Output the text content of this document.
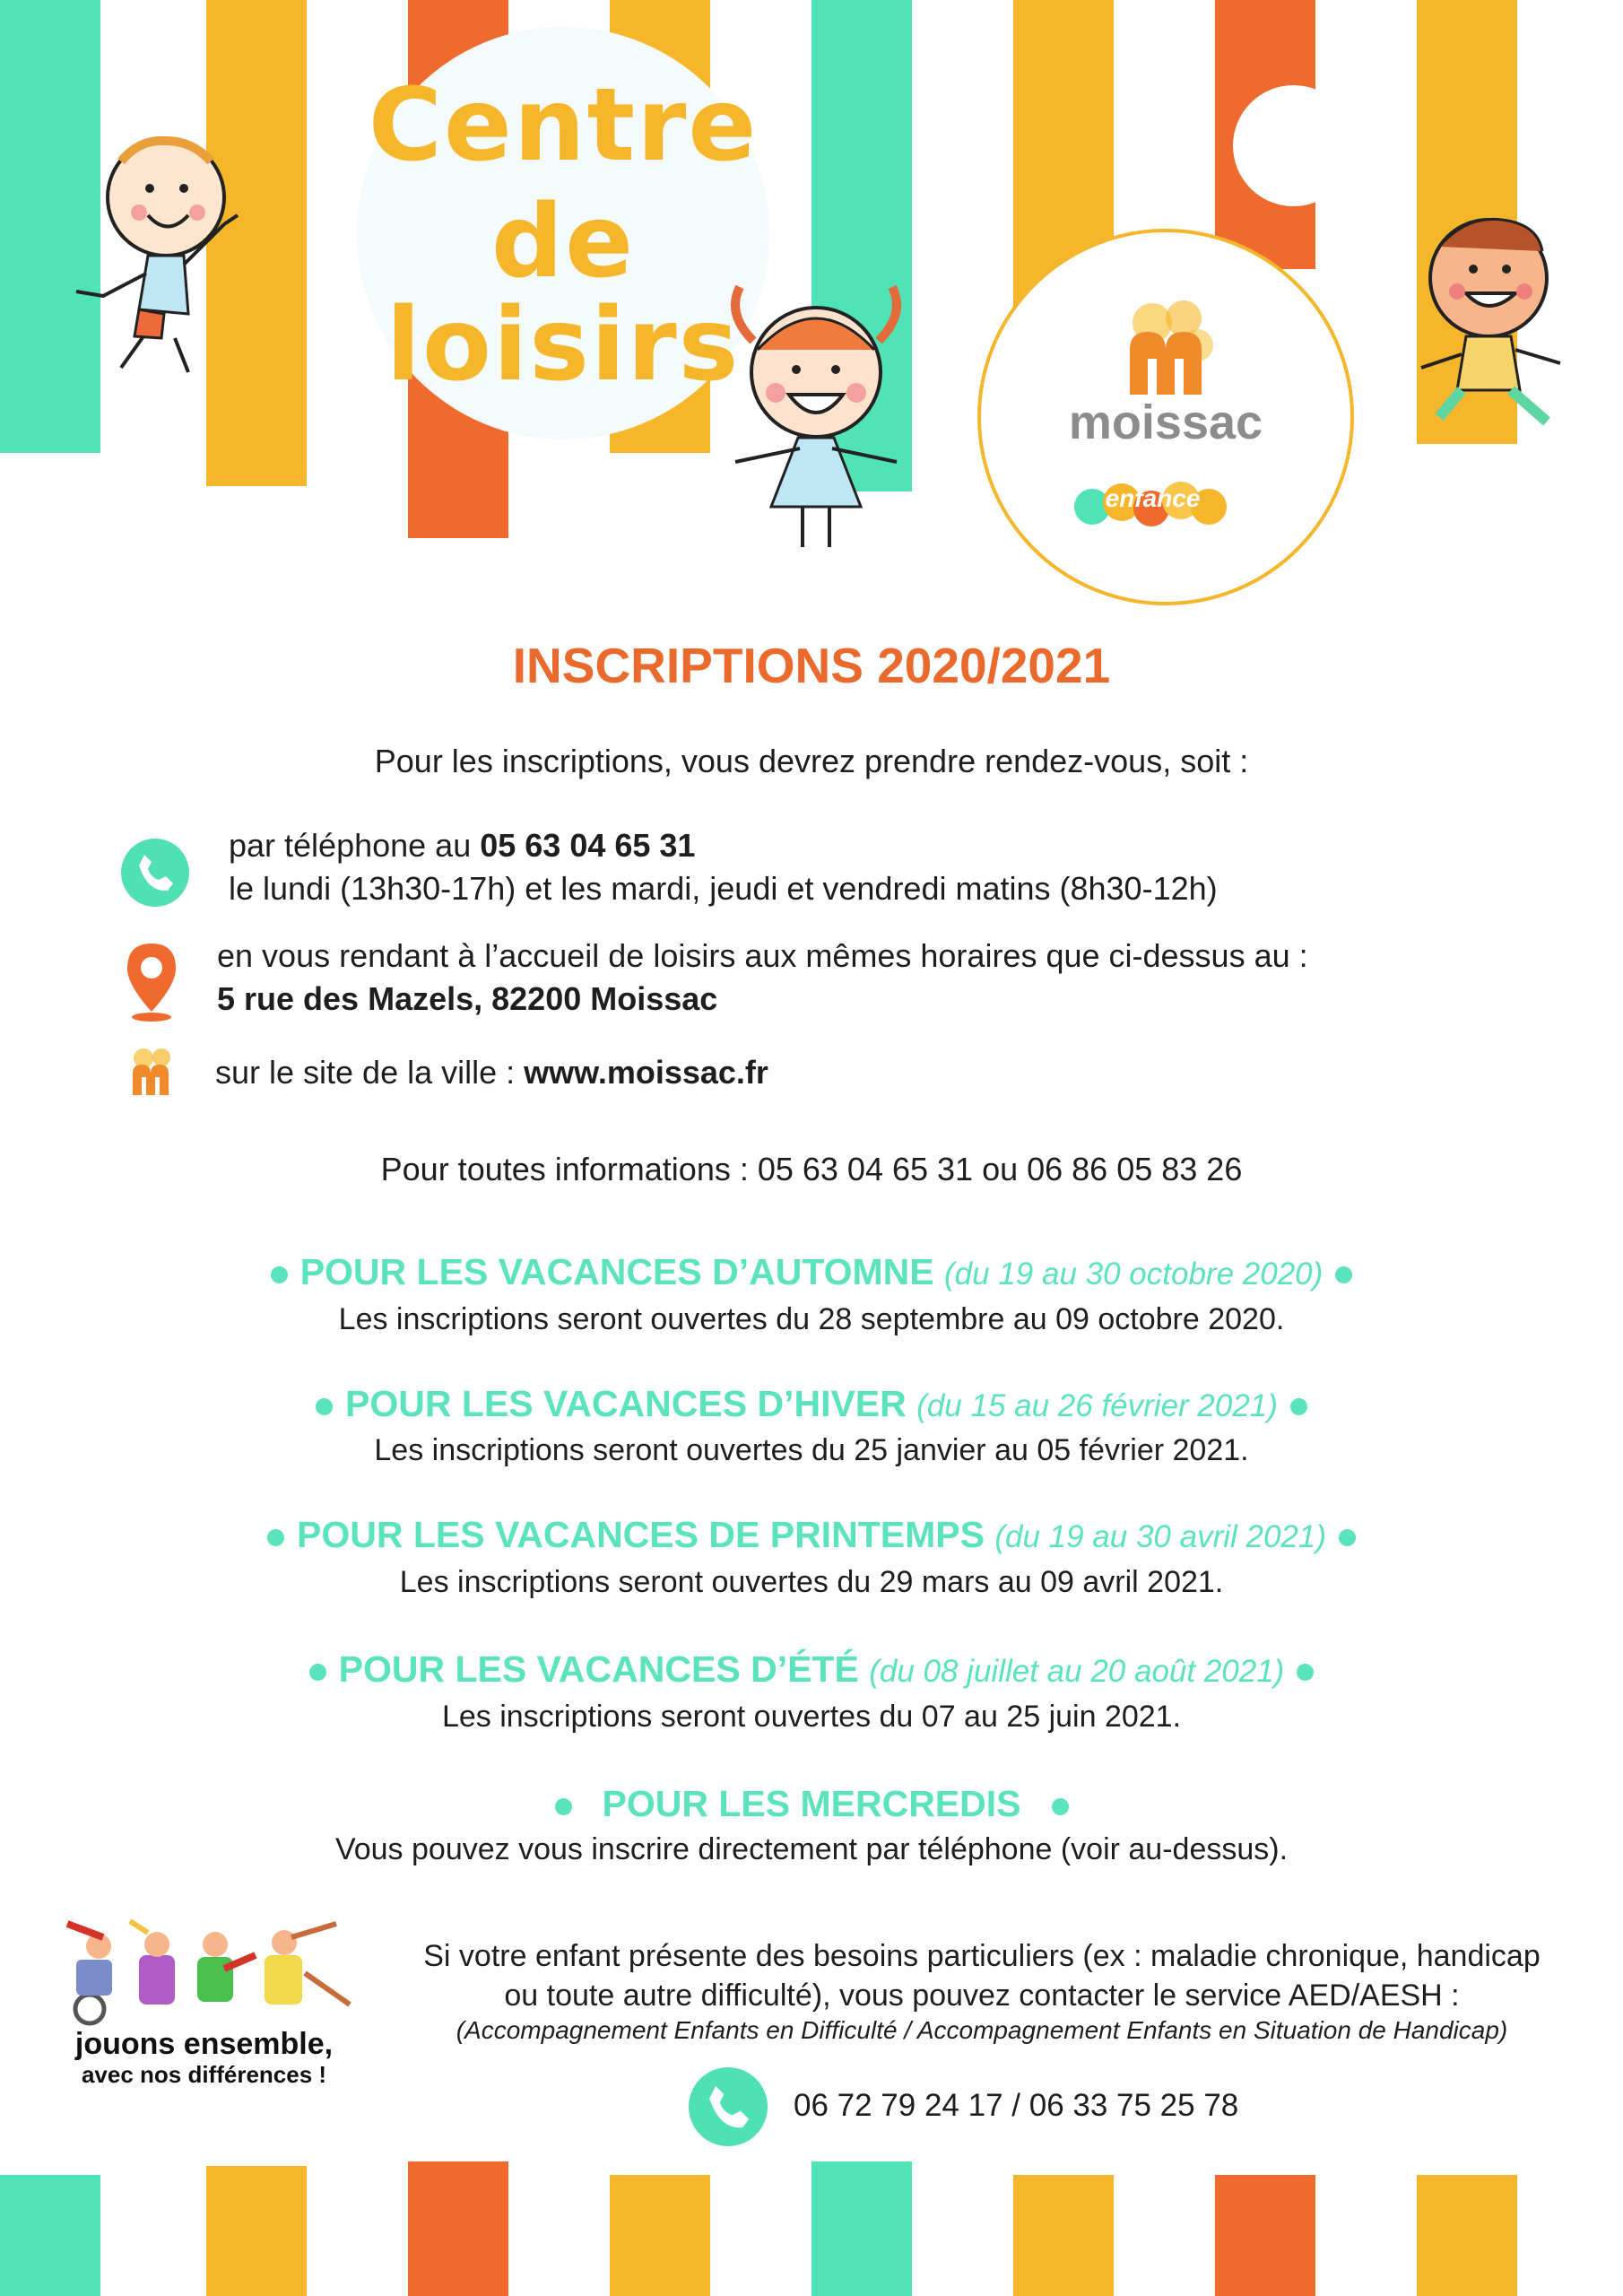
Centre
de
loisirs
moissac
enfance
INSCRIPTIONS 2020/2021
Pour les inscriptions, vous devrez prendre rendez-vous, soit :
par téléphone au 05 63 04 65 31
le lundi (13h30-17h) et les mardi, jeudi et vendredi matins (8h30-12h)
en vous rendant à l’accueil de loisirs aux mêmes horaires que ci-dessus au :
5 rue des Mazels, 82200 Moissac
sur le site de la ville : www.moissac.fr
Pour toutes informations : 05 63 04 65 31 ou 06 86 05 83 26
POUR LES VACANCES D’AUTOMNE (du 19 au 30 octobre 2020)
Les inscriptions seront ouvertes du 28 septembre au 09 octobre 2020.
POUR LES VACANCES D’HIVER (du 15 au 26 février 2021)
Les inscriptions seront ouvertes du 25 janvier au 05 février 2021.
POUR LES VACANCES DE PRINTEMPS (du 19 au 30 avril 2021)
Les inscriptions seront ouvertes du 29 mars au 09 avril 2021.
POUR LES VACANCES D’ÉTÉ (du 08 juillet au 20 août 2021)
Les inscriptions seront ouvertes du 07 au 25 juin 2021.
POUR LES MERCREDIS
Vous pouvez vous inscrire directement par téléphone (voir au-dessus).
jouons ensemble,
avec nos différences !
Si votre enfant présente des besoins particuliers (ex : maladie chronique, handicap
ou toute autre difficulté), vous pouvez contacter le service AED/AESH :
(Accompagnement Enfants en Difficulté / Accompagnement Enfants en Situation de Handicap)
06 72 79 24 17 / 06 33 75 25 78
